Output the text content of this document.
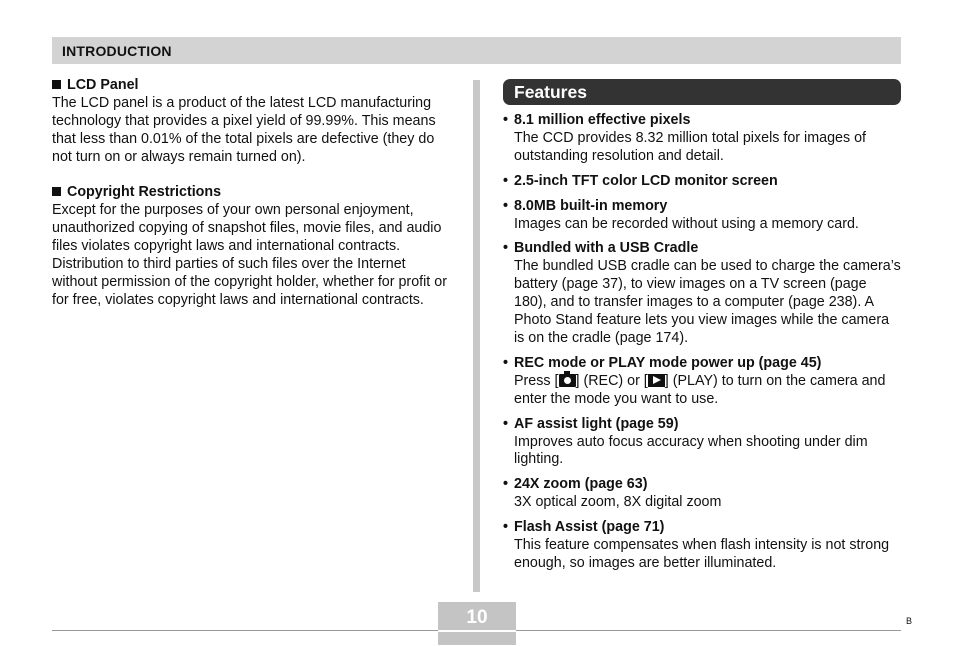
INTRODUCTION
LCD Panel

The LCD panel is a product of the latest LCD manufacturing technology that provides a pixel yield of 99.99%. This means that less than 0.01% of the total pixels are defective (they do not turn on or always remain turned on).

Copyright Restrictions

Except for the purposes of your own personal enjoyment, unauthorized copying of snapshot files, movie files, and audio files violates copyright laws and international contracts.

Distribution to third parties of such files over the Internet without permission of the copyright holder, whether for profit or for free, violates copyright laws and international contracts.

Features
• 8.1 million effective pixels
The CCD provides 8.32 million total pixels for images of outstanding resolution and detail.
• 2.5-inch TFT color LCD monitor screen
• 8.0MB built-in memory
Images can be recorded without using a memory card.
• Bundled with a USB Cradle
The bundled USB cradle can be used to charge the camera’s battery (page 37), to view images on a TV screen (page 180), and to transfer images to a computer (page 238). A Photo Stand feature lets you view images while the camera is on the cradle (page 174).
• REC mode or PLAY mode power up (page 45)
Press [ ] (REC) or [ ] (PLAY) to turn on the camera and enter the mode you want to use.
• AF assist light (page 59)
Improves auto focus accuracy when shooting under dim lighting.
• 24X zoom (page 63)
3X optical zoom, 8X digital zoom
• Flash Assist (page 71)
This feature compensates when flash intensity is not strong enough, so images are better illuminated.
10	B
